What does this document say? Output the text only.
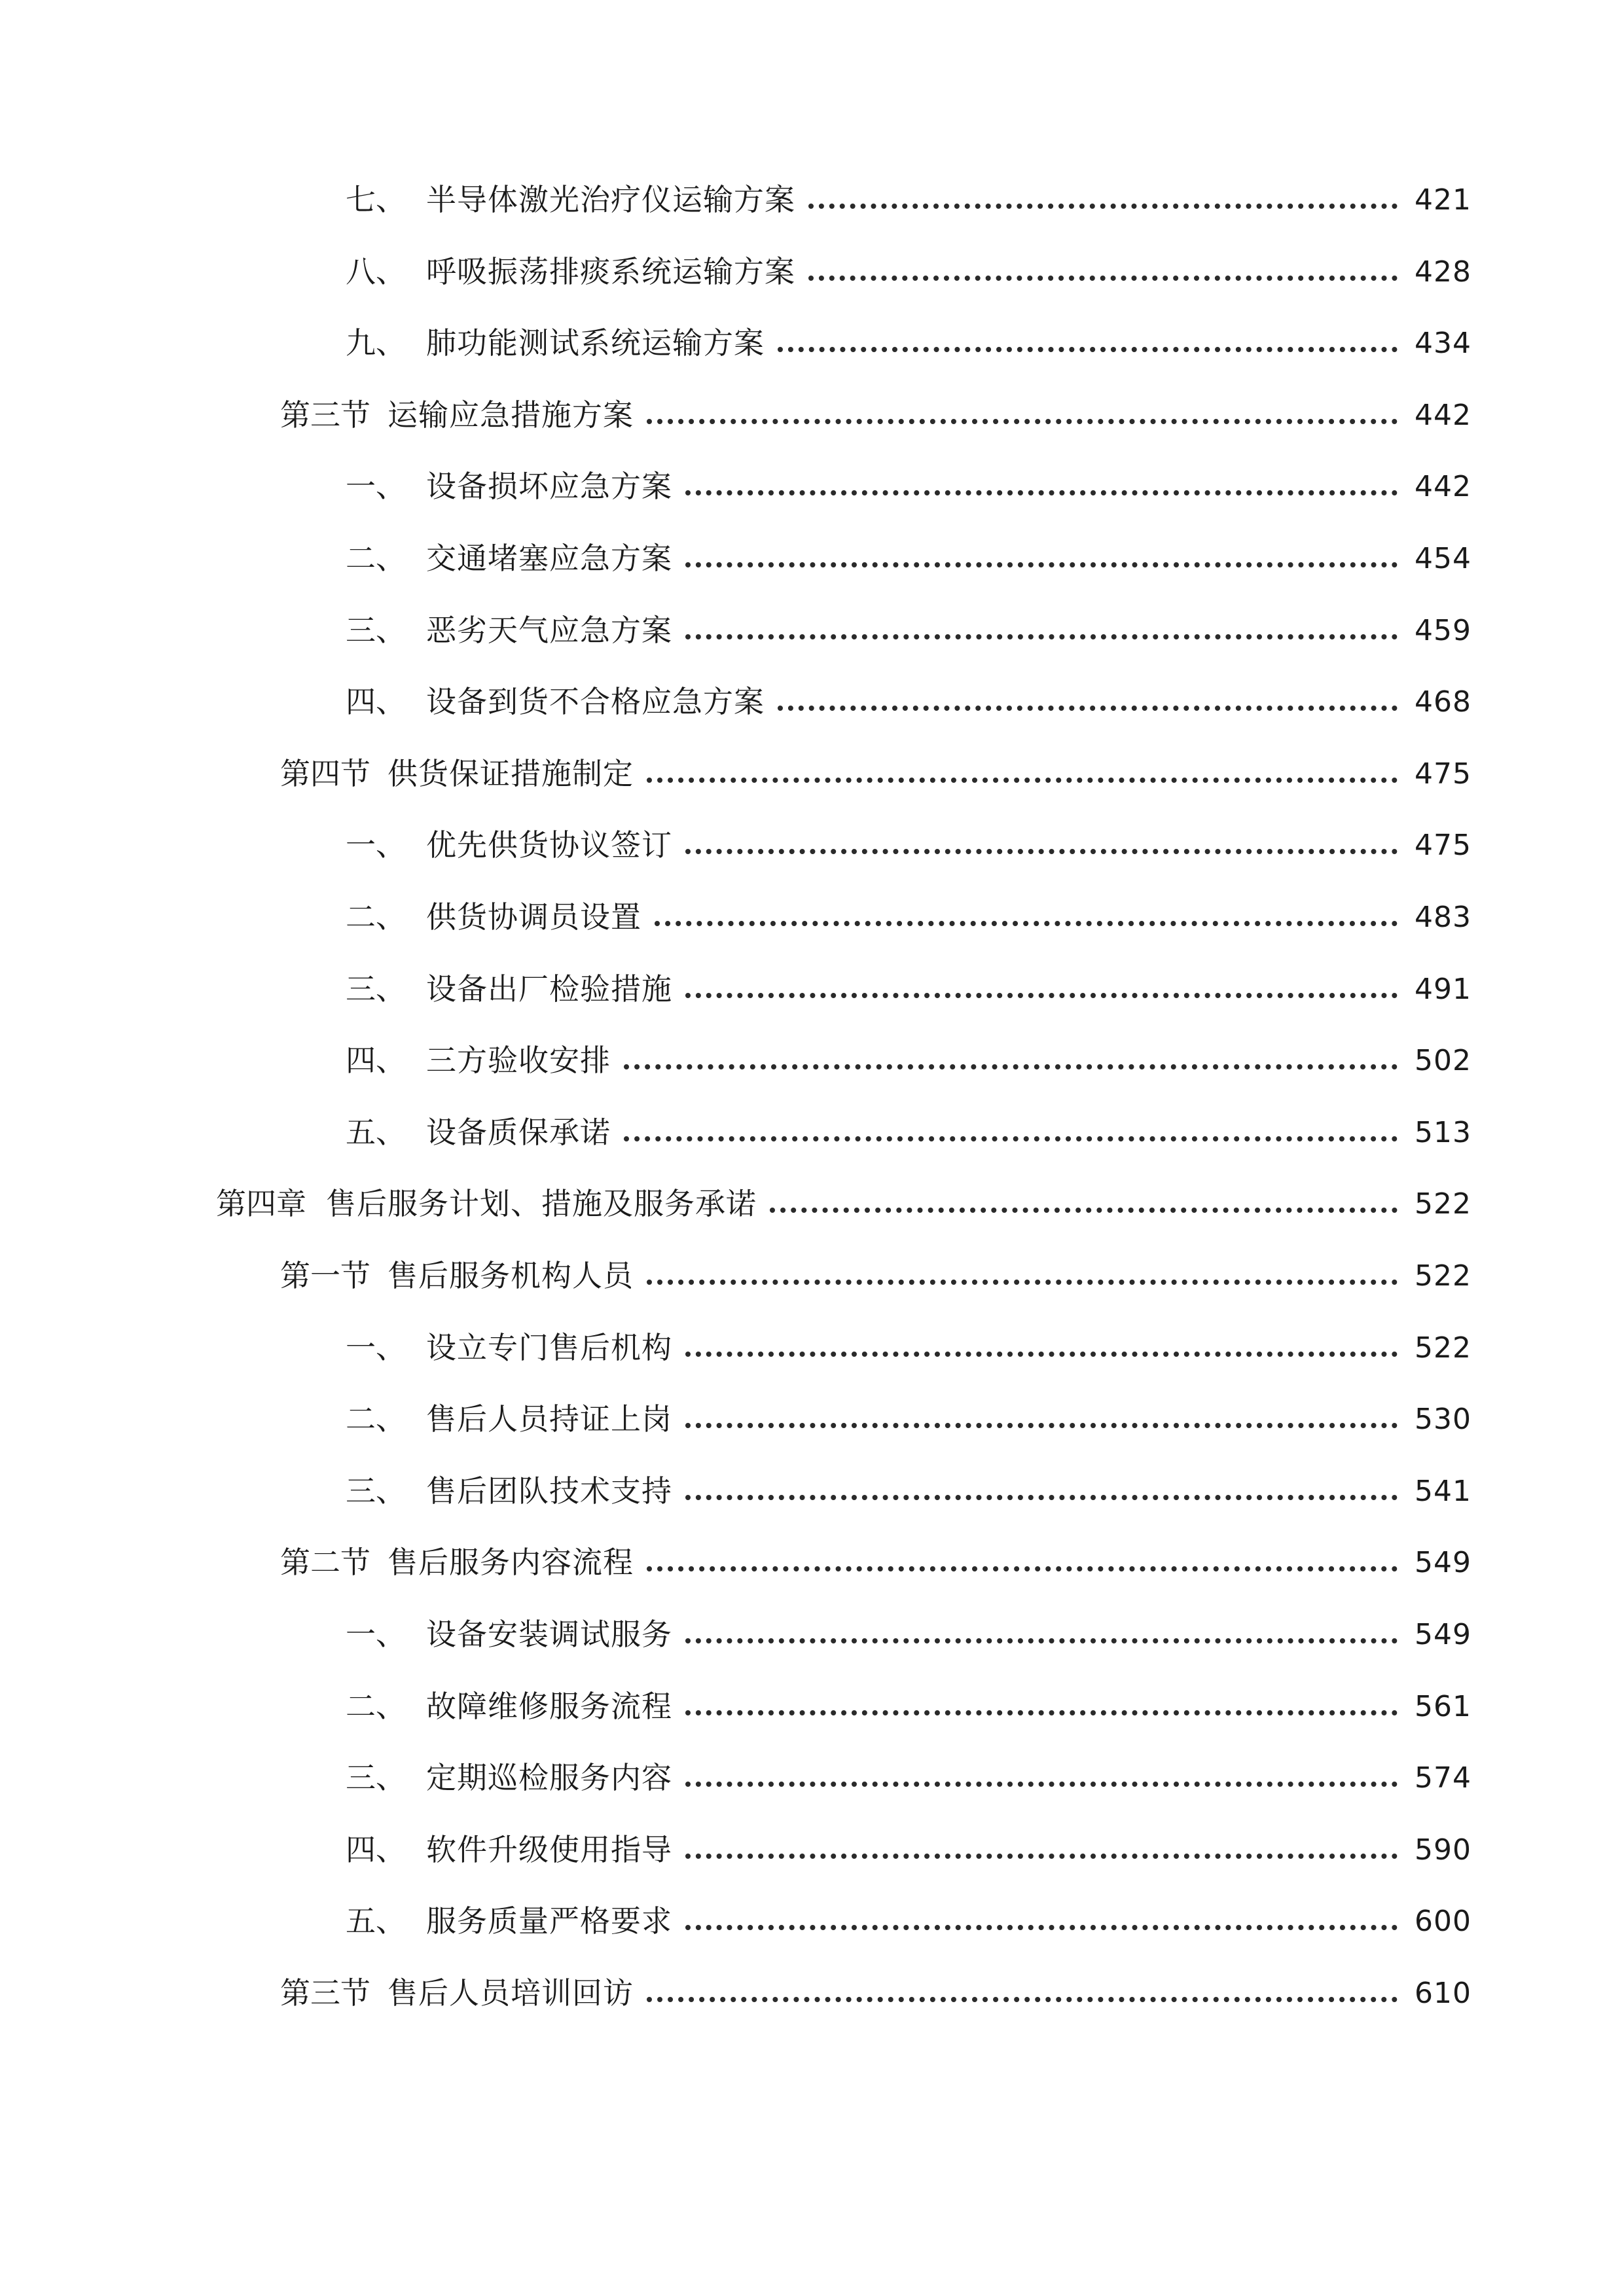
七、 半导体激光治疗仪运输方案	421
八、 呼吸振荡排痰系统运输方案	428
九、 肺功能测试系统运输方案	434
第三节 运输应急措施方案	442
一、 设备损坏应急方案	442
二、 交通堵塞应急方案	454
三、 恶劣天气应急方案	459
四、 设备到货不合格应急方案	468
第四节 供货保证措施制定	475
一、 优先供货协议签订	475
二、 供货协调员设置	483
三、 设备出厂检验措施	491
四、 三方验收安排	502
五、 设备质保承诺	513
第四章 售后服务计划、措施及服务承诺	522
第一节 售后服务机构人员	522
一、 设立专门售后机构	522
二、 售后人员持证上岗	530
三、 售后团队技术支持	541
第二节 售后服务内容流程	549
一、 设备安装调试服务	549
二、 故障维修服务流程	561
三、 定期巡检服务内容	574
四、 软件升级使用指导	590
五、 服务质量严格要求	600
第三节 售后人员培训回访	610
